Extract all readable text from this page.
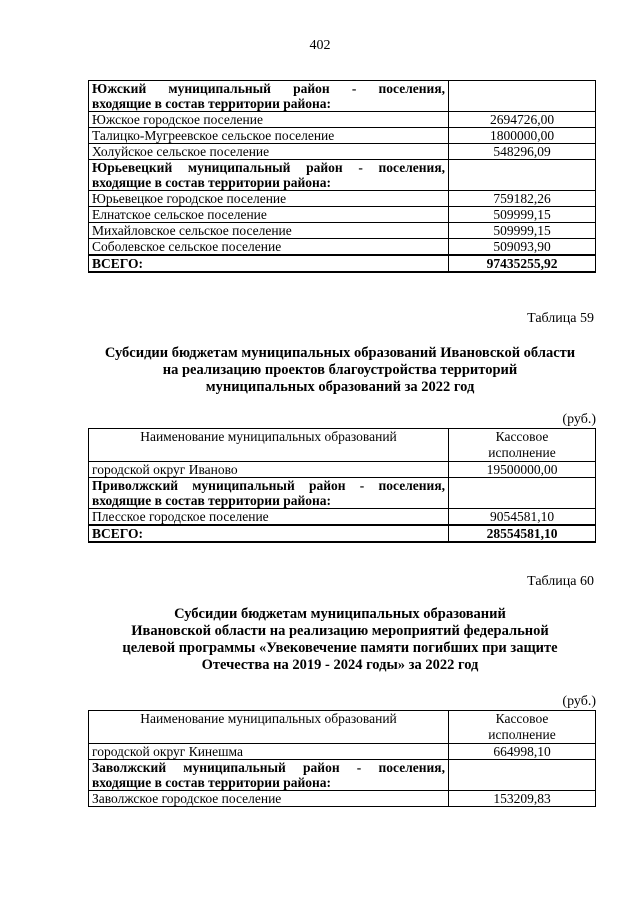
402
Южский муниципальный район - поселения,
входящие в состав территории района:	
Южское городское поселение	2694726,00
Талицко-Мугреевское сельское поселение	1800000,00
Холуйское сельское поселение	548296,09

Юрьевецкий муниципальный район - поселения,
входящие в состав территории района:	
Юрьевецкое городское поселение	759182,26
Елнатское сельское поселение	509999,15
Михайловское сельское поселение	509999,15
Соболевское сельское поселение	509093,90
ВСЕГО:	97435255,92
Таблица 59
Субсидии бюджетам муниципальных образований Ивановской области
на реализацию проектов благоустройства территорий
муниципальных образований за 2022 год
(руб.)
Наименование муниципальных образований	Кассовое
исполнение

городской округ Иваново	19500000,00

Приволжский муниципальный район - поселения,
входящие в состав территории района:	
Плесское городское поселение	9054581,10
ВСЕГО:	28554581,10
Таблица 60
Субсидии бюджетам муниципальных образований
Ивановской области на реализацию мероприятий федеральной
целевой программы «Увековечение памяти погибших при защите
Отечества на 2019 - 2024 годы» за 2022 год
(руб.)
Наименование муниципальных образований	Кассовое
исполнение

городской округ Кинешма	664998,10

Заволжский муниципальный район - поселения,
входящие в состав территории района:	
Заволжское городское поселение	153209,83
